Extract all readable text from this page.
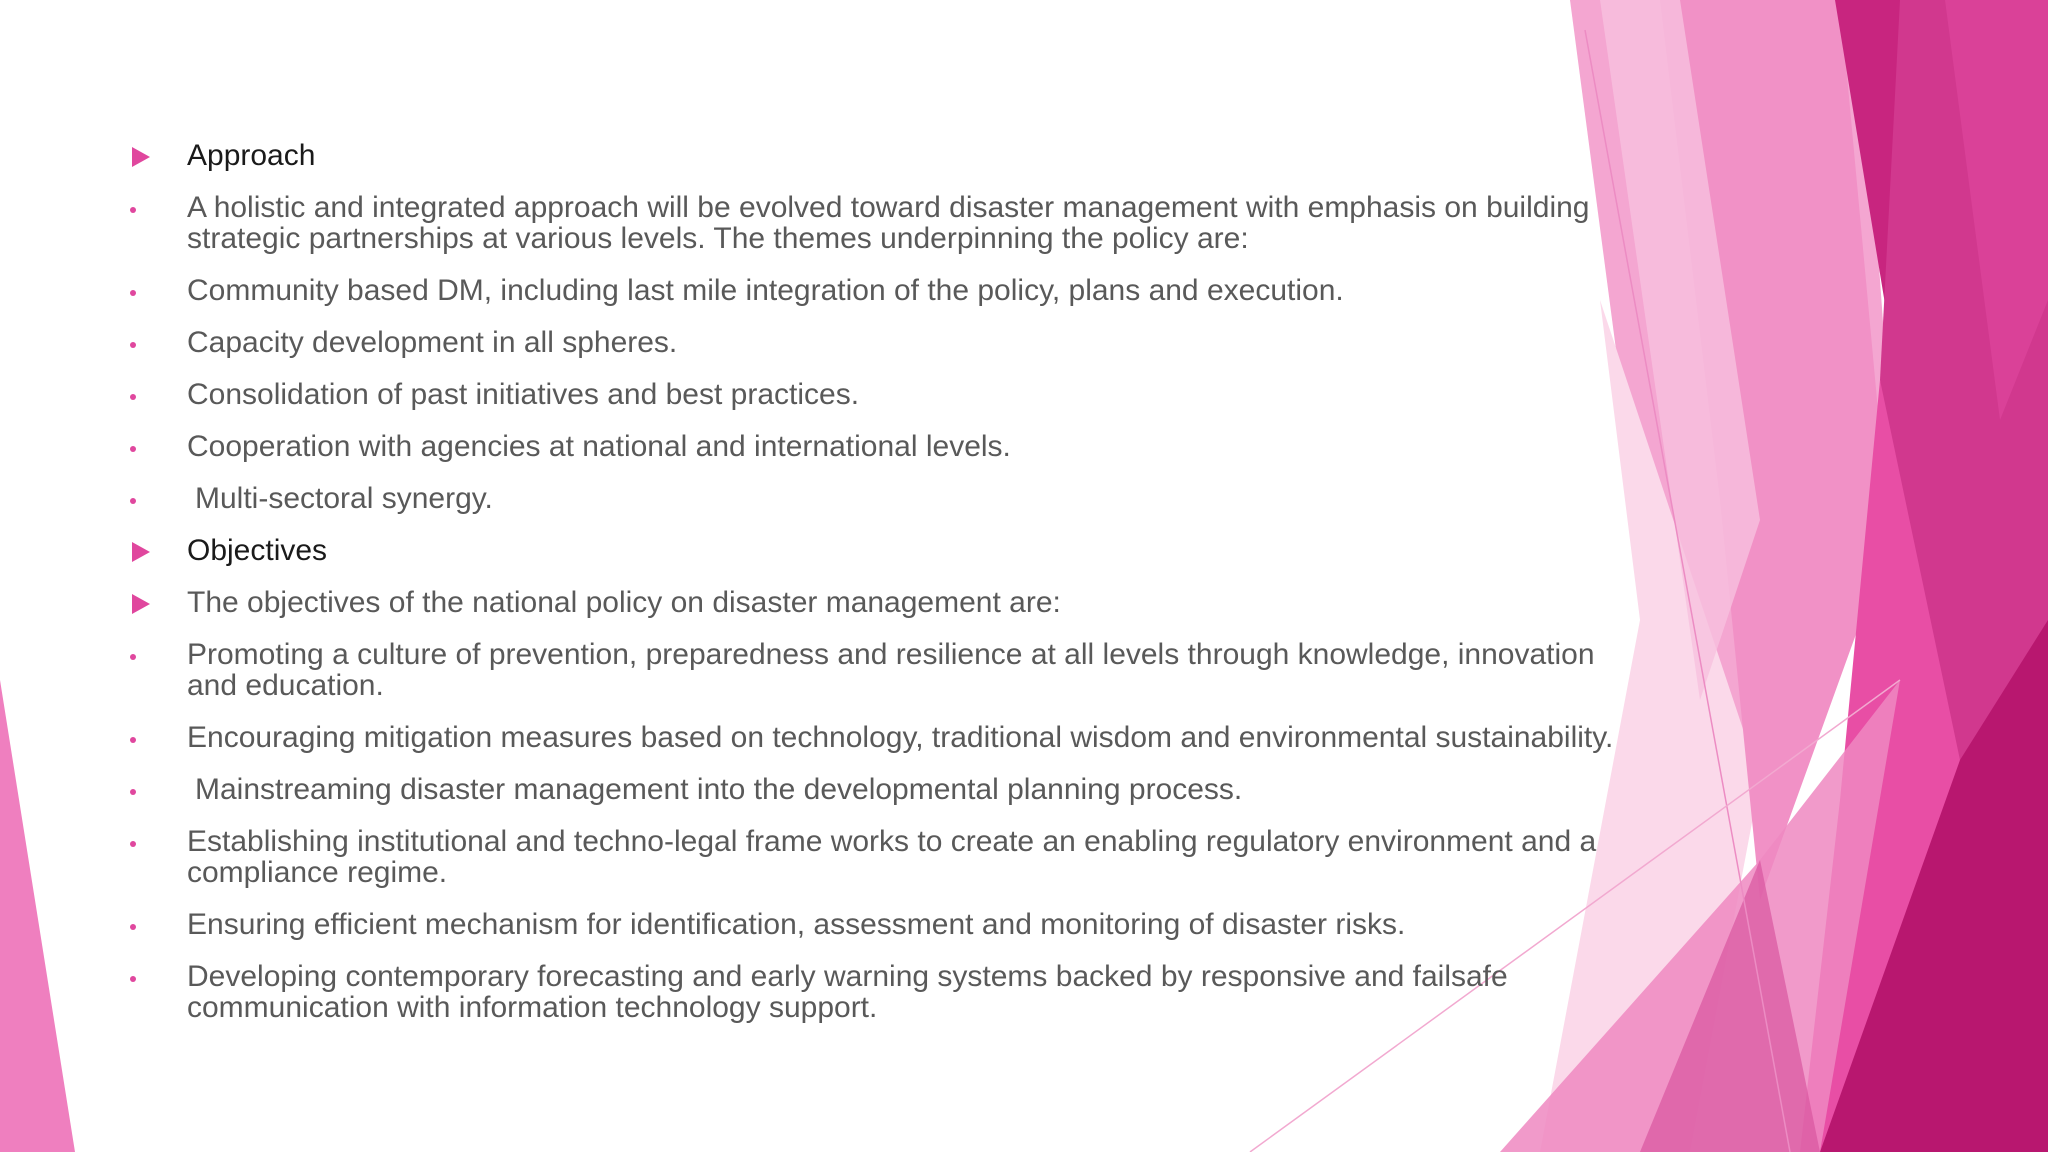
Approach
A holistic and integrated approach will be evolved toward disaster management with emphasis on building strategic partnerships at various levels. The themes underpinning the policy are:
Community based DM, including last mile integration of the policy, plans and execution.
Capacity development in all spheres.
Consolidation of past initiatives and best practices.
Cooperation with agencies at national and international levels.
Multi-sectoral synergy.
Objectives
The objectives of the national policy on disaster management are:
Promoting a culture of prevention, preparedness and resilience at all levels through knowledge, innovation and education.
Encouraging mitigation measures based on technology, traditional wisdom and environmental sustainability.
Mainstreaming disaster management into the developmental planning process.
Establishing institutional and techno-legal frame works to create an enabling regulatory environment and a compliance regime.
Ensuring efficient mechanism for identification, assessment and monitoring of disaster risks.
Developing contemporary forecasting and early warning systems backed by responsive and failsafe communication with information technology support.
